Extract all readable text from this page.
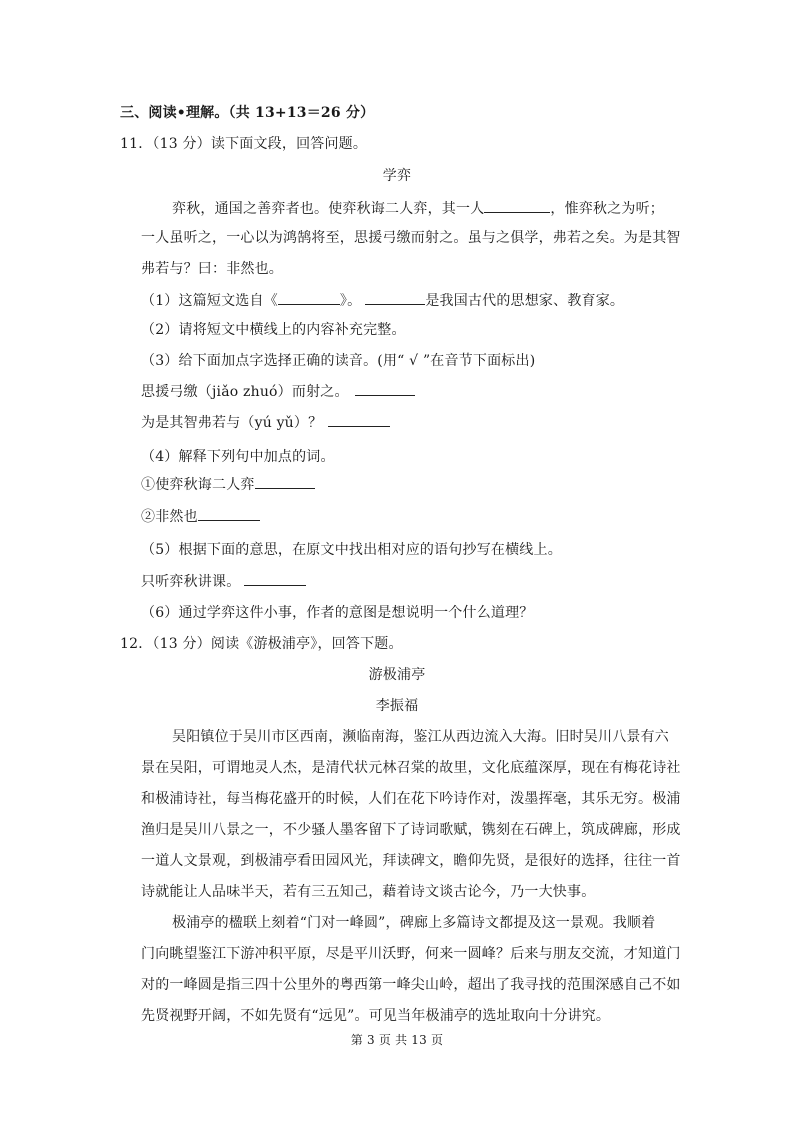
三、阅读•理解。（共 13+13＝26 分）
11．（13 分）读下面文段，回答问题。
学弈
弈秋，通国之善弈者也。使弈秋诲二人弈，其一人	，惟弈秋之为听；
一人虽听之，一心以为鸿鹄将至，思援弓缴而射之。虽与之俱学，弗若之矣。为是其智
弗若与？曰：非然也。
（1）这篇短文选自《	》。	是我国古代的思想家、教育家。
（2）请将短文中横线上的内容补充完整。
（3）给下面加点字选择正确的读音。(用“ √ ”在音节下面标出)
思援弓缴（jiǎo zhuó）而射之。
为是其智弗若与（yú yǔ）？
（4）解释下列句中加点的词。
①使弈秋诲二人弈
②非然也
（5）根据下面的意思，在原文中找出相对应的语句抄写在横线上。
只听弈秋讲课。
（6）通过学弈这件小事，作者的意图是想说明一个什么道理？
12．（13 分）阅读《游极浦亭》，回答下题。
游极浦亭
李振福
吴阳镇位于吴川市区西南，濒临南海，鉴江从西边流入大海。旧时吴川八景有六
景在吴阳，可谓地灵人杰，是清代状元林召棠的故里，文化底蕴深厚，现在有梅花诗社
和极浦诗社，每当梅花盛开的时候，人们在花下吟诗作对，泼墨挥毫，其乐无穷。极浦
渔归是吴川八景之一，不少骚人墨客留下了诗词歌赋，镌刻在石碑上，筑成碑廊，形成
一道人文景观，到极浦亭看田园风光，拜读碑文，瞻仰先贤，是很好的选择，往往一首
诗就能让人品味半天，若有三五知己，藉着诗文谈古论今，乃一大快事。
极浦亭的楹联上刻着“门对一峰圆”，碑廊上多篇诗文都提及这一景观。我顺着
门向眺望鉴江下游冲积平原，尽是平川沃野，何来一圆峰？后来与朋友交流，才知道门
对的一峰圆是指三四十公里外的粤西第一峰尖山岭，超出了我寻找的范围深感自己不如
先贤视野开阔，不如先贤有“远见”。可见当年极浦亭的选址取向十分讲究。
第 3 页 共 13 页
